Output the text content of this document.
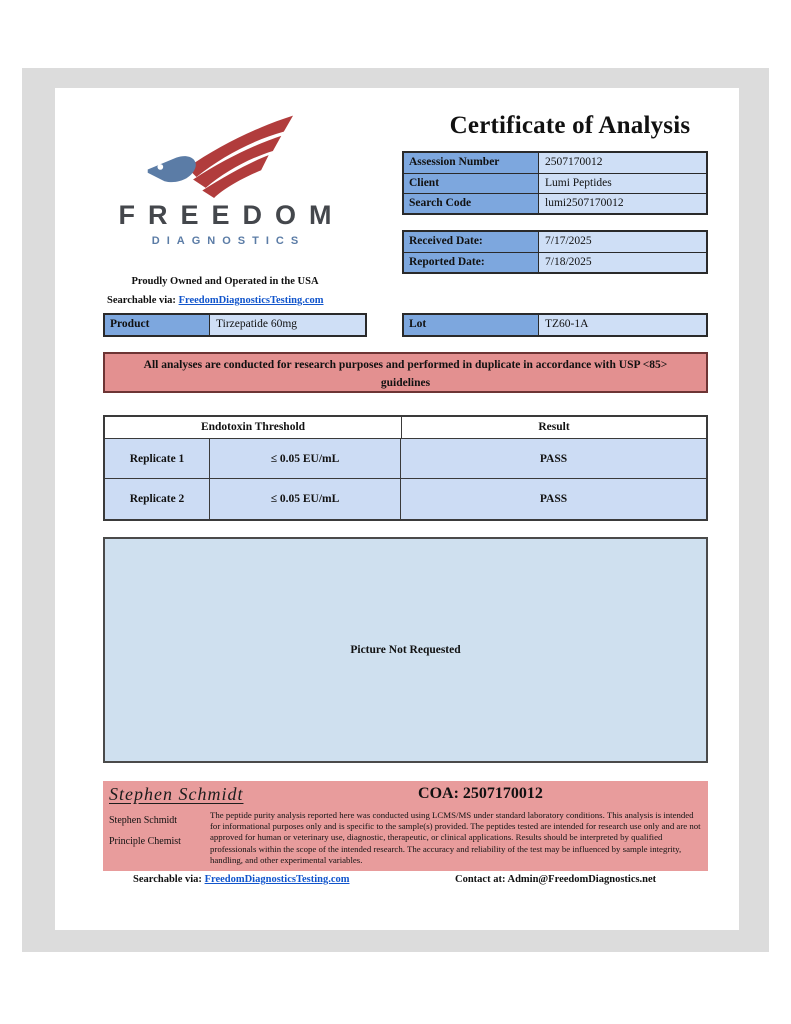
FREEDOM
DIAGNOSTICS
Proudly Owned and Operated in the USA
Searchable via: FreedomDiagnosticsTesting.com
Certificate of Analysis
Assession Number	2507170012
Client	Lumi Peptides
Search Code	lumi2507170012
Received Date:	7/17/2025
Reported Date:	7/18/2025
Product	Tirzepatide 60mg	Lot	TZ60-1A
All analyses are conducted for research purposes and performed in duplicate in accordance with USP <85> guidelines
Endotoxin Threshold	Result
Replicate 1	≤ 0.05 EU/mL	PASS
Replicate 2	≤ 0.05 EU/mL	PASS
Picture Not Requested
Stephen Schmidt	COA: 2507170012
Stephen Schmidt
Principle Chemist
The peptide purity analysis reported here was conducted using LCMS/MS under standard laboratory conditions. This analysis is intended for informational purposes only and is specific to the sample(s) provided. The peptides tested are intended for research use only and are not approved for human or veterinary use, diagnostic, therapeutic, or clinical applications. Results should be interpreted by qualified professionals within the scope of the intended research. The accuracy and reliability of the test may be influenced by sample integrity, handling, and other experimental variables.
Searchable via: FreedomDiagnosticsTesting.com	Contact at: Admin@FreedomDiagnostics.net
